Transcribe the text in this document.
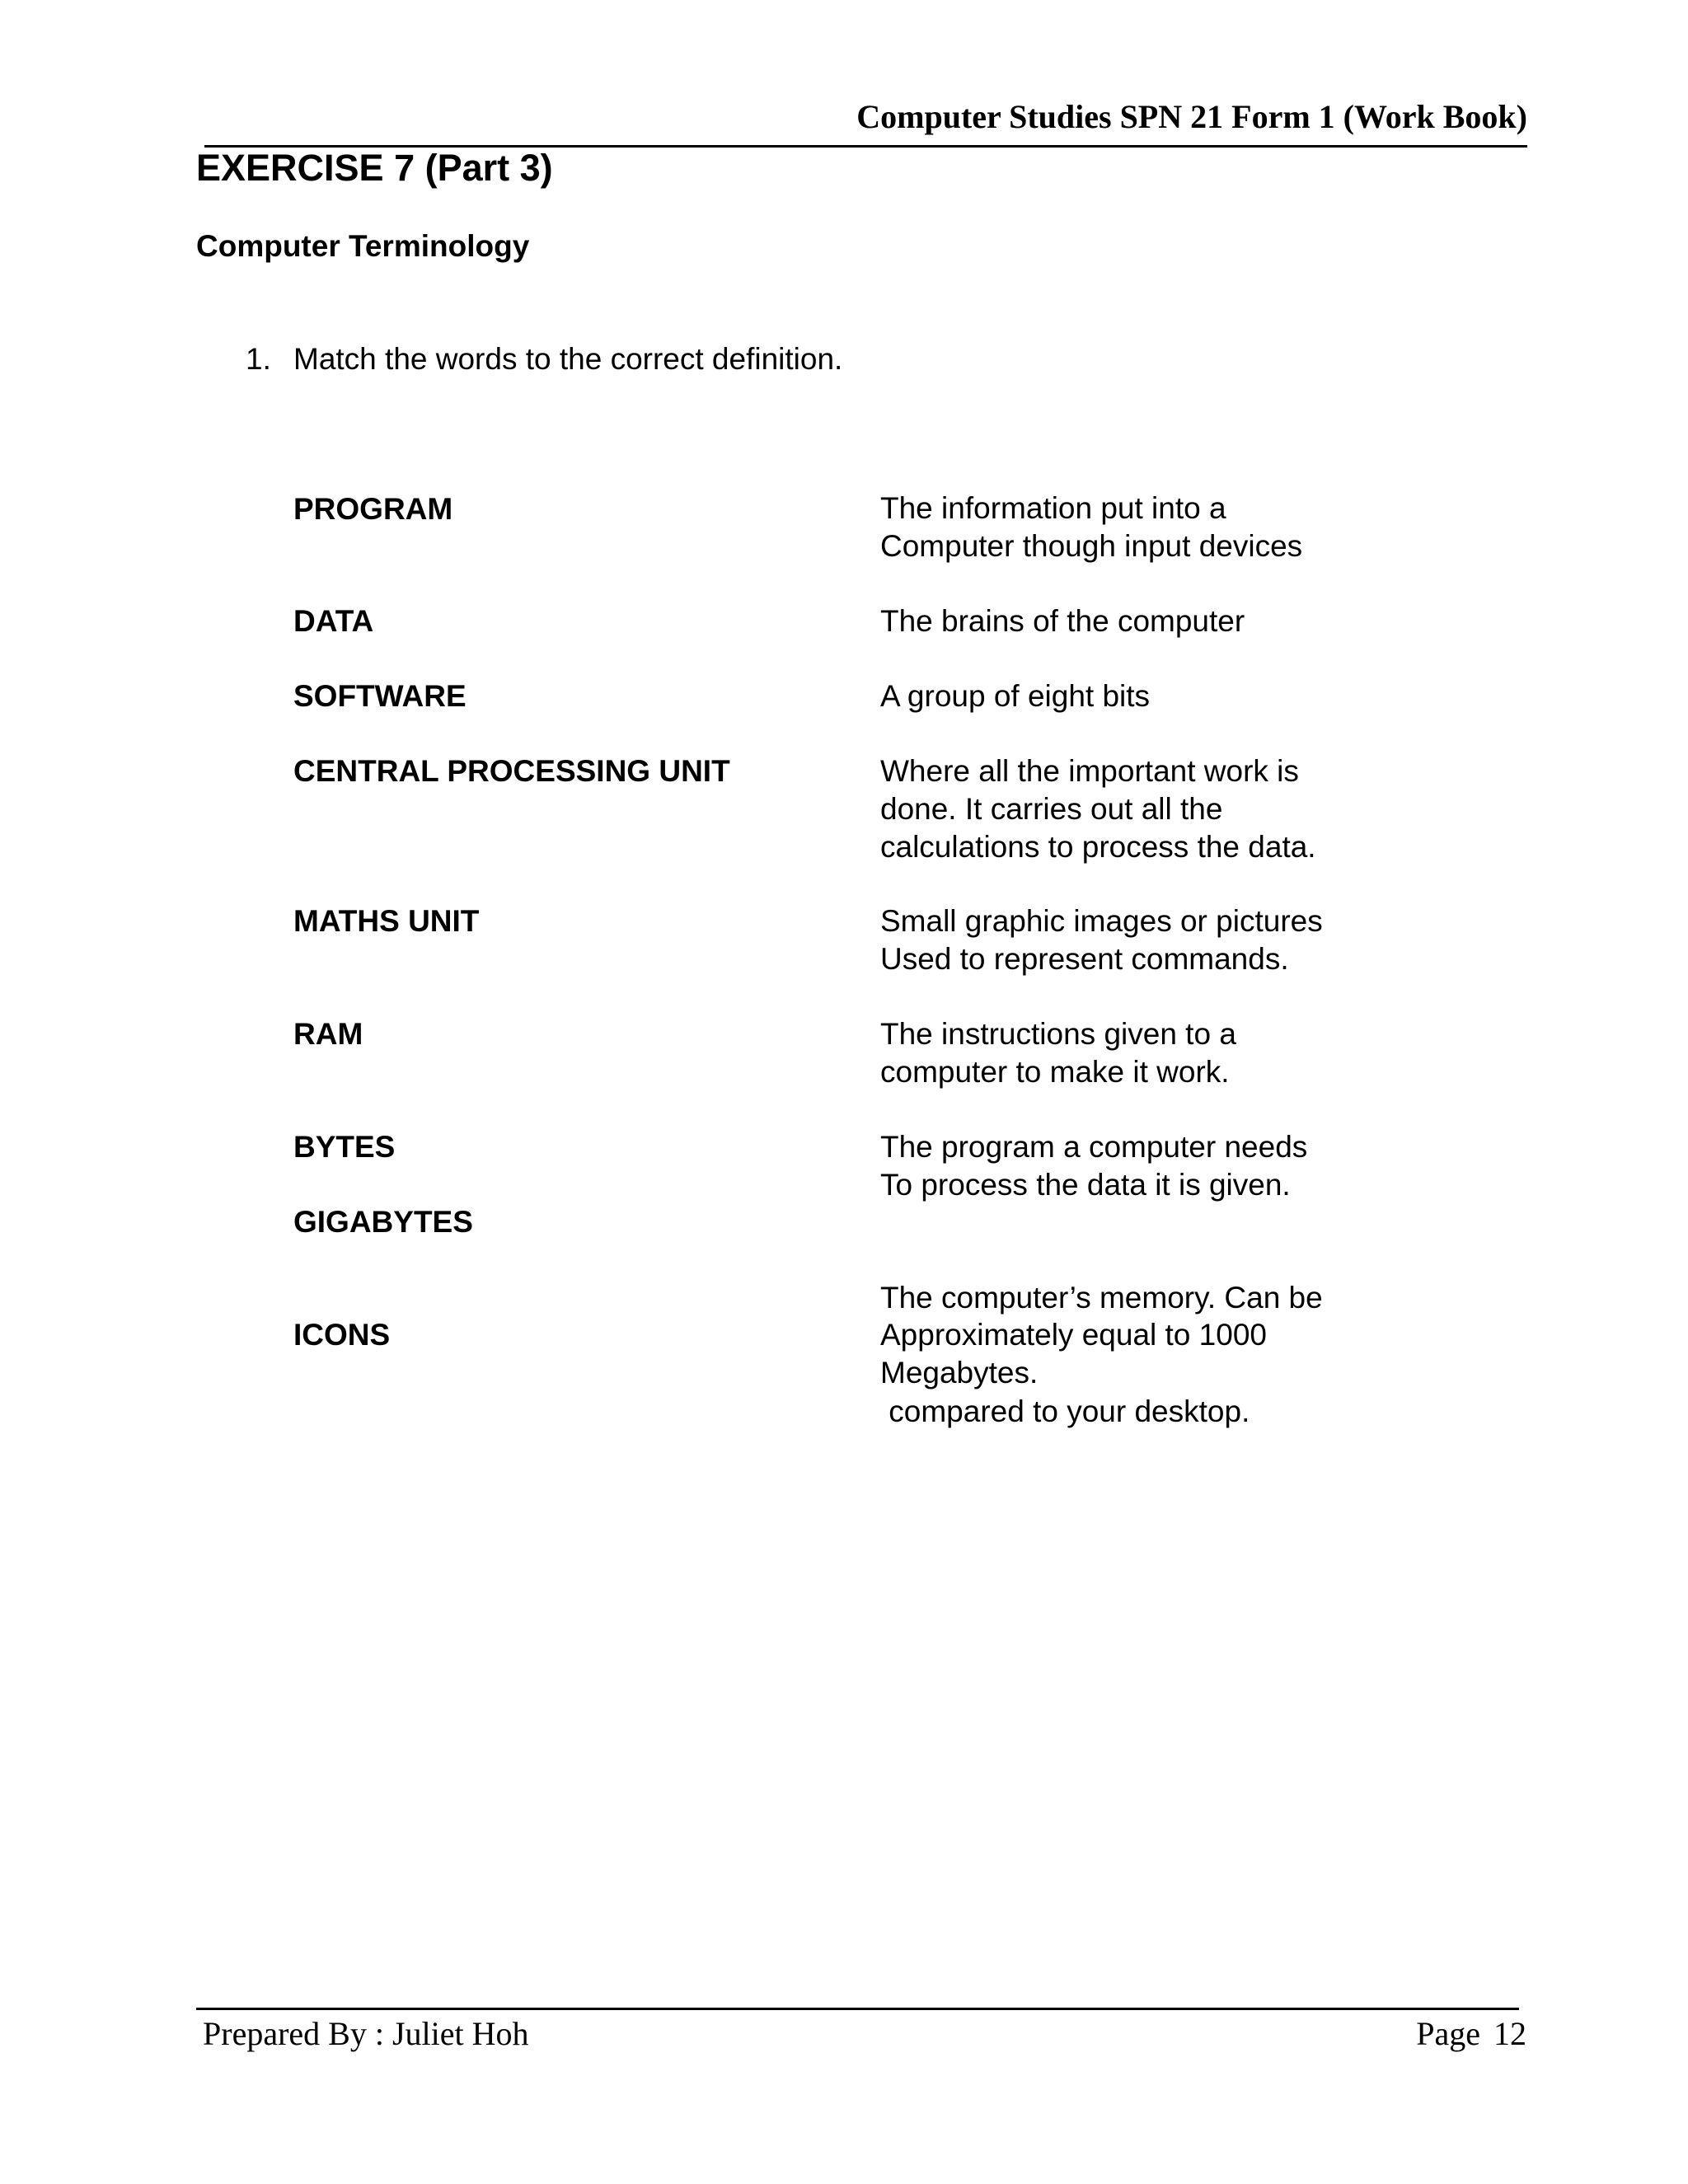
Computer Studies SPN 21 Form 1 (Work Book)
EXERCISE 7 (Part 3)
Computer Terminology
1. Match the words to the correct definition.
PROGRAM
DATA
SOFTWARE
CENTRAL PROCESSING UNIT
MATHS UNIT
RAM
BYTES
GIGABYTES
ICONS
The information put into a
Computer though input devices
The brains of the computer
A group of eight bits
Where all the important work is
done. It carries out all the
calculations to process the data.
Small graphic images or pictures
Used to represent commands.
The instructions given to a
computer to make it work.
The program a computer needs
To process the data it is given.

The computer’s memory. Can be

compared to your desktop.

Approximately equal to 1000
Megabytes.
Prepared By : Juliet Hoh	Page 12
